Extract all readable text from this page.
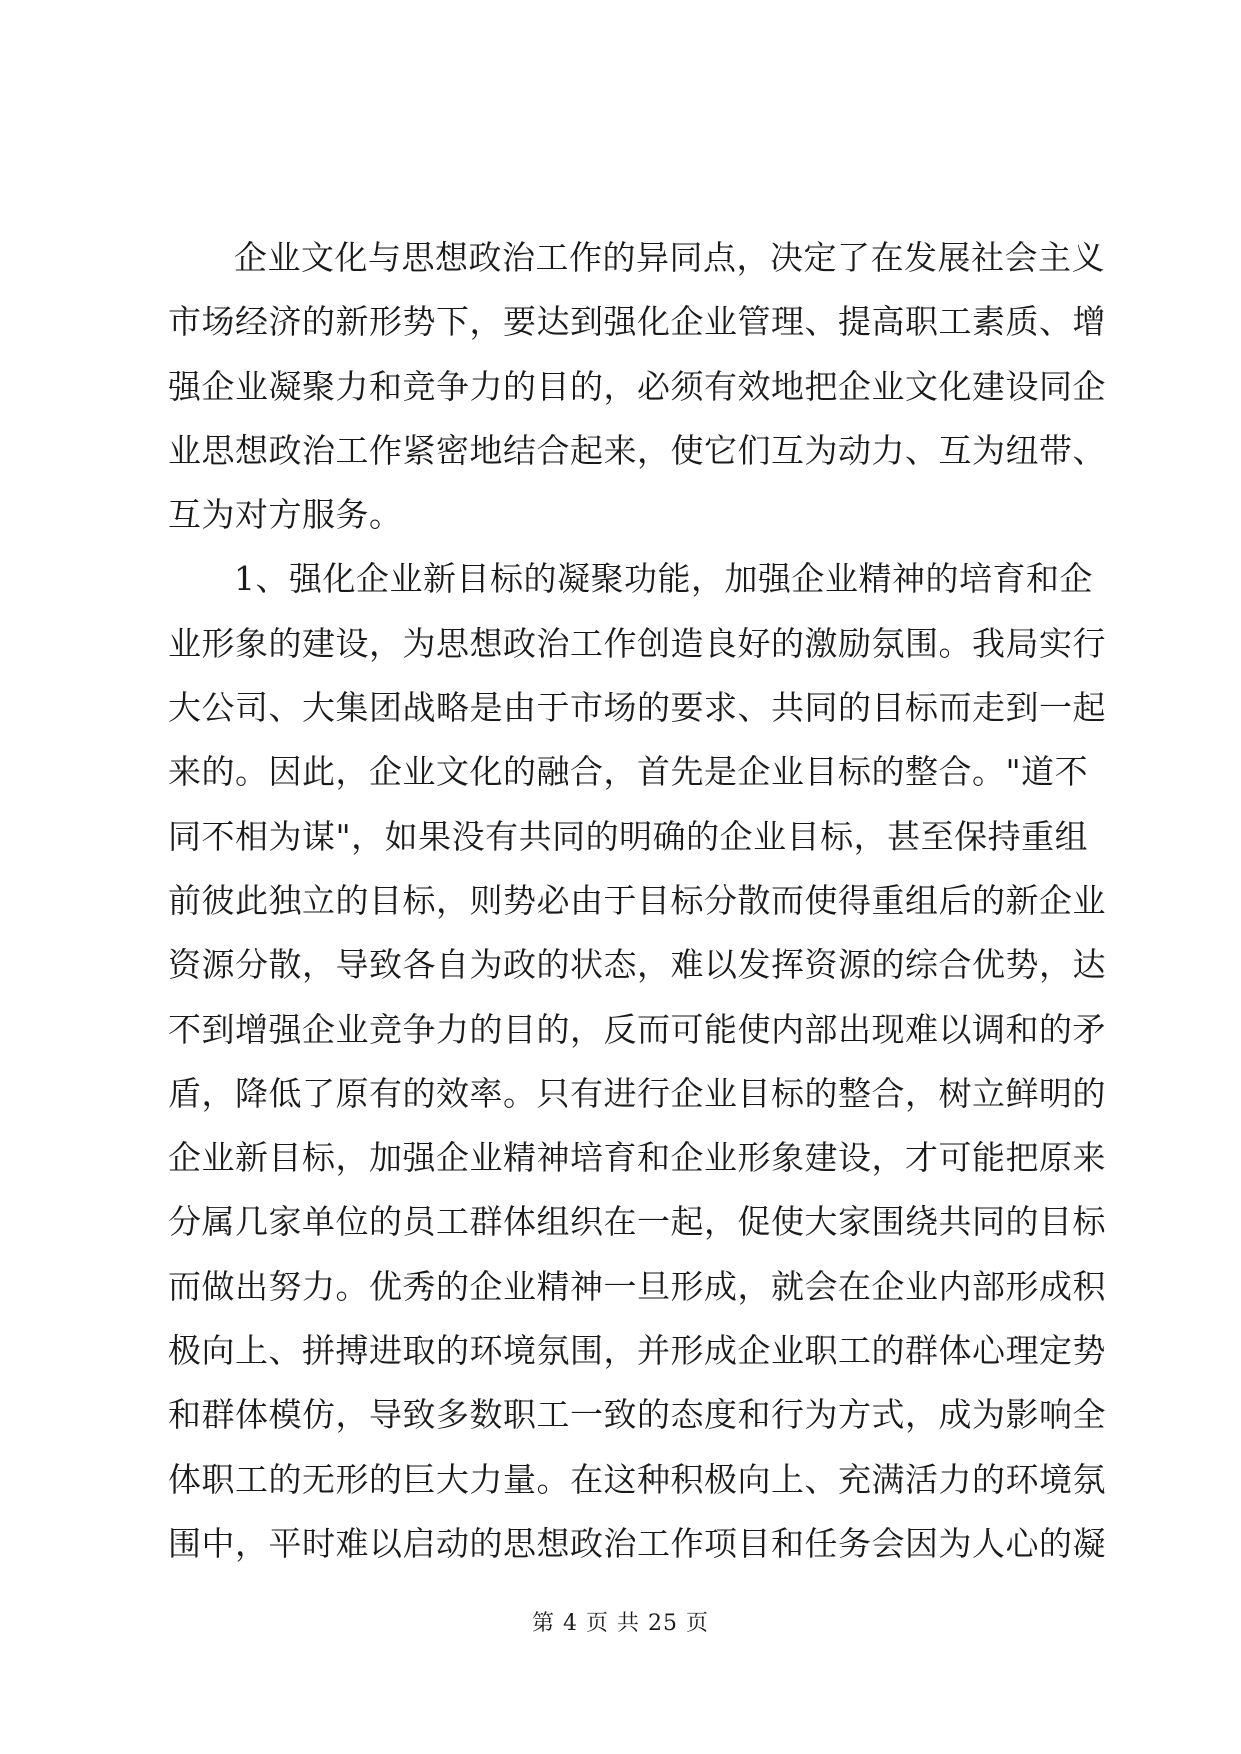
企业文化与思想政治工作的异同点，决定了在发展社会主义
市场经济的新形势下，要达到强化企业管理、提高职工素质、增
强企业凝聚力和竞争力的目的，必须有效地把企业文化建设同企
业思想政治工作紧密地结合起来，使它们互为动力、互为纽带、
互为对方服务。
1、强化企业新目标的凝聚功能，加强企业精神的培育和企
业形象的建设，为思想政治工作创造良好的激励氛围。我局实行
大公司、大集团战略是由于市场的要求、共同的目标而走到一起
来的。因此，企业文化的融合，首先是企业目标的整合。"道不
同不相为谋"，如果没有共同的明确的企业目标，甚至保持重组
前彼此独立的目标，则势必由于目标分散而使得重组后的新企业
资源分散，导致各自为政的状态，难以发挥资源的综合优势，达
不到增强企业竞争力的目的，反而可能使内部出现难以调和的矛
盾，降低了原有的效率。只有进行企业目标的整合，树立鲜明的
企业新目标，加强企业精神培育和企业形象建设，才可能把原来
分属几家单位的员工群体组织在一起，促使大家围绕共同的目标
而做出努力。优秀的企业精神一旦形成，就会在企业内部形成积
极向上、拼搏进取的环境氛围，并形成企业职工的群体心理定势
和群体模仿，导致多数职工一致的态度和行为方式，成为影响全
体职工的无形的巨大力量。在这种积极向上、充满活力的环境氛
围中，平时难以启动的思想政治工作项目和任务会因为人心的凝
第 4 页 共 25 页
